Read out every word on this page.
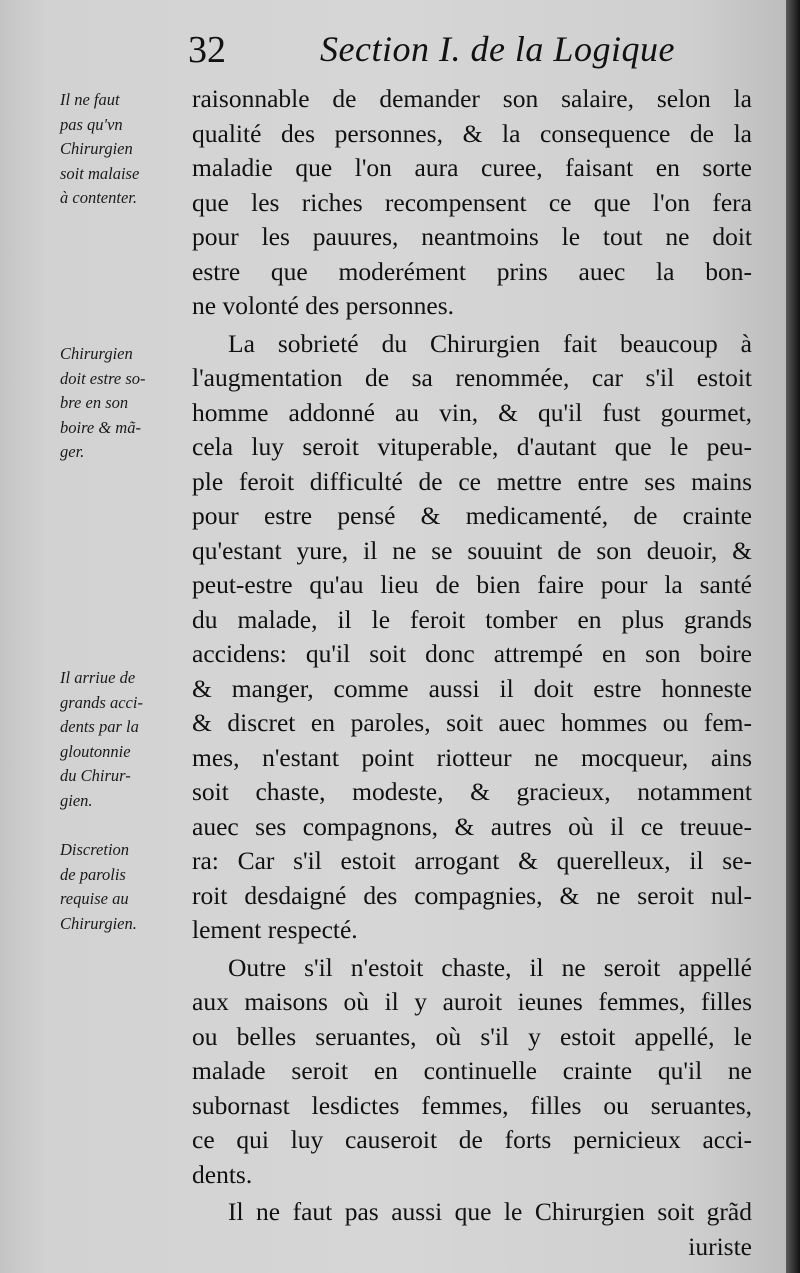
32	Section I. de la Logique
Il ne faut
pas qu'vn
Chirurgien
soit malaise
à contenter.
Chirurgien
doit estre so-
bre en son
boire & mã-
ger.
Il arriue de
grands acci-
dents par la
gloutonnie
du Chirur-
gien.
Discretion
de parolis
requise au
Chirurgien.
raisonnable de demander son salaire, selon la
qualité des personnes, & la consequence de la
maladie que l'on aura curee, faisant en sorte
que les riches recompensent ce que l'on fera
pour les pauures, neantmoins le tout ne doit
estre que moderément prins auec la bon-
ne volonté des personnes.
La sobrieté du Chirurgien fait beaucoup à
l'augmentation de sa renommée, car s'il estoit
homme addonné au vin, & qu'il fust gourmet,
cela luy seroit vituperable, d'autant que le peu-
ple feroit difficulté de ce mettre entre ses mains
pour estre pensé & medicamenté, de crainte
qu'estant yure, il ne se souuint de son deuoir, &
peut-estre qu'au lieu de bien faire pour la santé
du malade, il le feroit tomber en plus grands
accidens: qu'il soit donc attrempé en son boire
& manger, comme aussi il doit estre honneste
& discret en paroles, soit auec hommes ou fem-
mes, n'estant point riotteur ne mocqueur, ains
soit chaste, modeste, & gracieux, notamment
auec ses compagnons, & autres où il ce treuue-
ra: Car s'il estoit arrogant & querelleux, il se-
roit desdaigné des compagnies, & ne seroit nul-
lement respecté.
Outre s'il n'estoit chaste, il ne seroit appellé
aux maisons où il y auroit ieunes femmes, filles
ou belles seruantes, où s'il y estoit appellé, le
malade seroit en continuelle crainte qu'il ne
subornast lesdictes femmes, filles ou seruantes,
ce qui luy causeroit de forts pernicieux acci-
dents.
Il ne faut pas aussi que le Chirurgien soit grãd
iuriste
